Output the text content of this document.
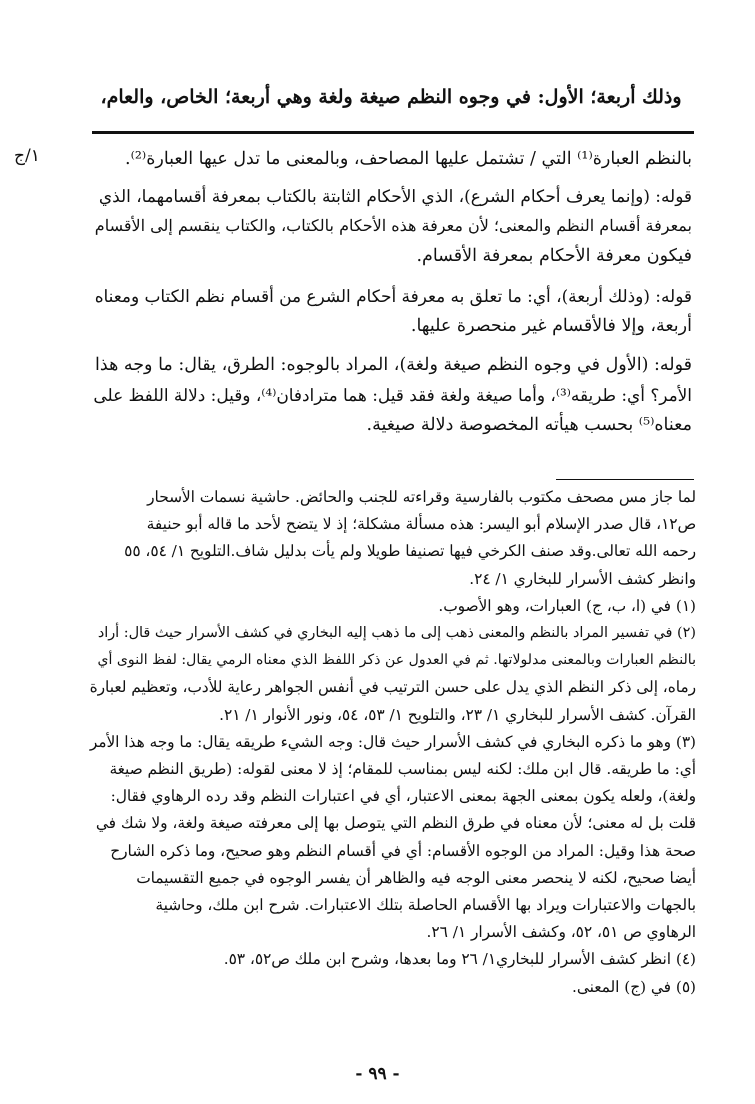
وذلك أربعة؛ الأول: في وجوه النظم صيغة ولغة وهي أربعة؛ الخاص، والعام،
١/ج	بالنظم العبارة⁽¹⁾ التي / تشتمل عليها المصاحف، وبالمعنى ما تدل عيها العبارة⁽²⁾.
قوله: (وإنما يعرف أحكام الشرع)، الذي الأحكام الثابتة بالكتاب بمعرفة أقسامهما، الذي
بمعرفة أقسام النظم والمعنى؛ لأن معرفة هذه الأحكام بالكتاب، والكتاب ينقسم إلى الأقسام
فيكون معرفة الأحكام بمعرفة الأقسام.
قوله: (وذلك أربعة)، أي: ما تعلق به معرفة أحكام الشرع من أقسام نظم الكتاب ومعناه
أربعة، وإلا فالأقسام غير منحصرة عليها.
قوله: (الأول في وجوه النظم صيغة ولغة)، المراد بالوجوه: الطرق، يقال: ما وجه هذا
الأمر؟ أي: طريقه⁽³⁾، وأما صيغة ولغة فقد قيل: هما مترادفان⁽⁴⁾، وقيل: دلالة اللفظ على
معناه⁽⁵⁾ بحسب هيأته المخصوصة دلالة صيغية.
لما جاز مس مصحف مكتوب بالفارسية وقراءته للجنب والحائض. حاشية نسمات الأسحار
ص١٢، قال صدر الإسلام أبو اليسر: هذه مسألة مشكلة؛ إذ لا يتضح لأحد ما قاله أبو حنيفة
رحمه الله تعالى.وقد صنف الكرخي فيها تصنيفا طويلا ولم يأت بدليل شاف.التلويح ١/ ٥٤، ٥٥
وانظر كشف الأسرار للبخاري ١/ ٢٤.
(١) في (ا، ب، ج) العبارات، وهو الأصوب.
(٢) في تفسير المراد بالنظم والمعنى ذهب إلى ما ذهب إليه البخاري في كشف الأسرار حيث قال: أراد
بالنظم العبارات وبالمعنى مدلولاتها. ثم في العدول عن ذكر اللفظ الذي معناه الرمي يقال: لفظ النوى أي
رماه، إلى ذكر النظم الذي يدل على حسن الترتيب في أنفس الجواهر رعاية للأدب، وتعظيم لعبارة
القرآن. كشف الأسرار للبخاري ١/ ٢٣، والتلويح ١/ ٥٣، ٥٤، ونور الأنوار ١/ ٢١.
(٣) وهو ما ذكره البخاري في كشف الأسرار حيث قال: وجه الشيء طريقه يقال: ما وجه هذا الأمر
أي: ما طريقه. قال ابن ملك: لكنه ليس بمناسب للمقام؛ إذ لا معنى لقوله: (طريق النظم صيغة
ولغة)، ولعله يكون بمعنى الجهة بمعنى الاعتبار، أي في اعتبارات النظم وقد رده الرهاوي فقال:
قلت بل له معنى؛ لأن معناه في طرق النظم التي يتوصل بها إلى معرفته صيغة ولغة، ولا شك في
صحة هذا وقيل: المراد من الوجوه الأقسام: أي في أقسام النظم وهو صحيح، وما ذكره الشارح
أيضا صحيح، لكنه لا ينحصر معنى الوجه فيه والظاهر أن يفسر الوجوه في جميع التقسيمات
بالجهات والاعتبارات ويراد بها الأقسام الحاصلة بتلك الاعتبارات. شرح ابن ملك، وحاشية
الرهاوي ص ٥١، ٥٢، وكشف الأسرار ١/ ٢٦.
(٤) انظر كشف الأسرار للبخاري١/ ٢٦ وما بعدها، وشرح ابن ملك ص٥٢، ٥٣.
(٥) في (ج) المعنى.
- ٩٩ -
